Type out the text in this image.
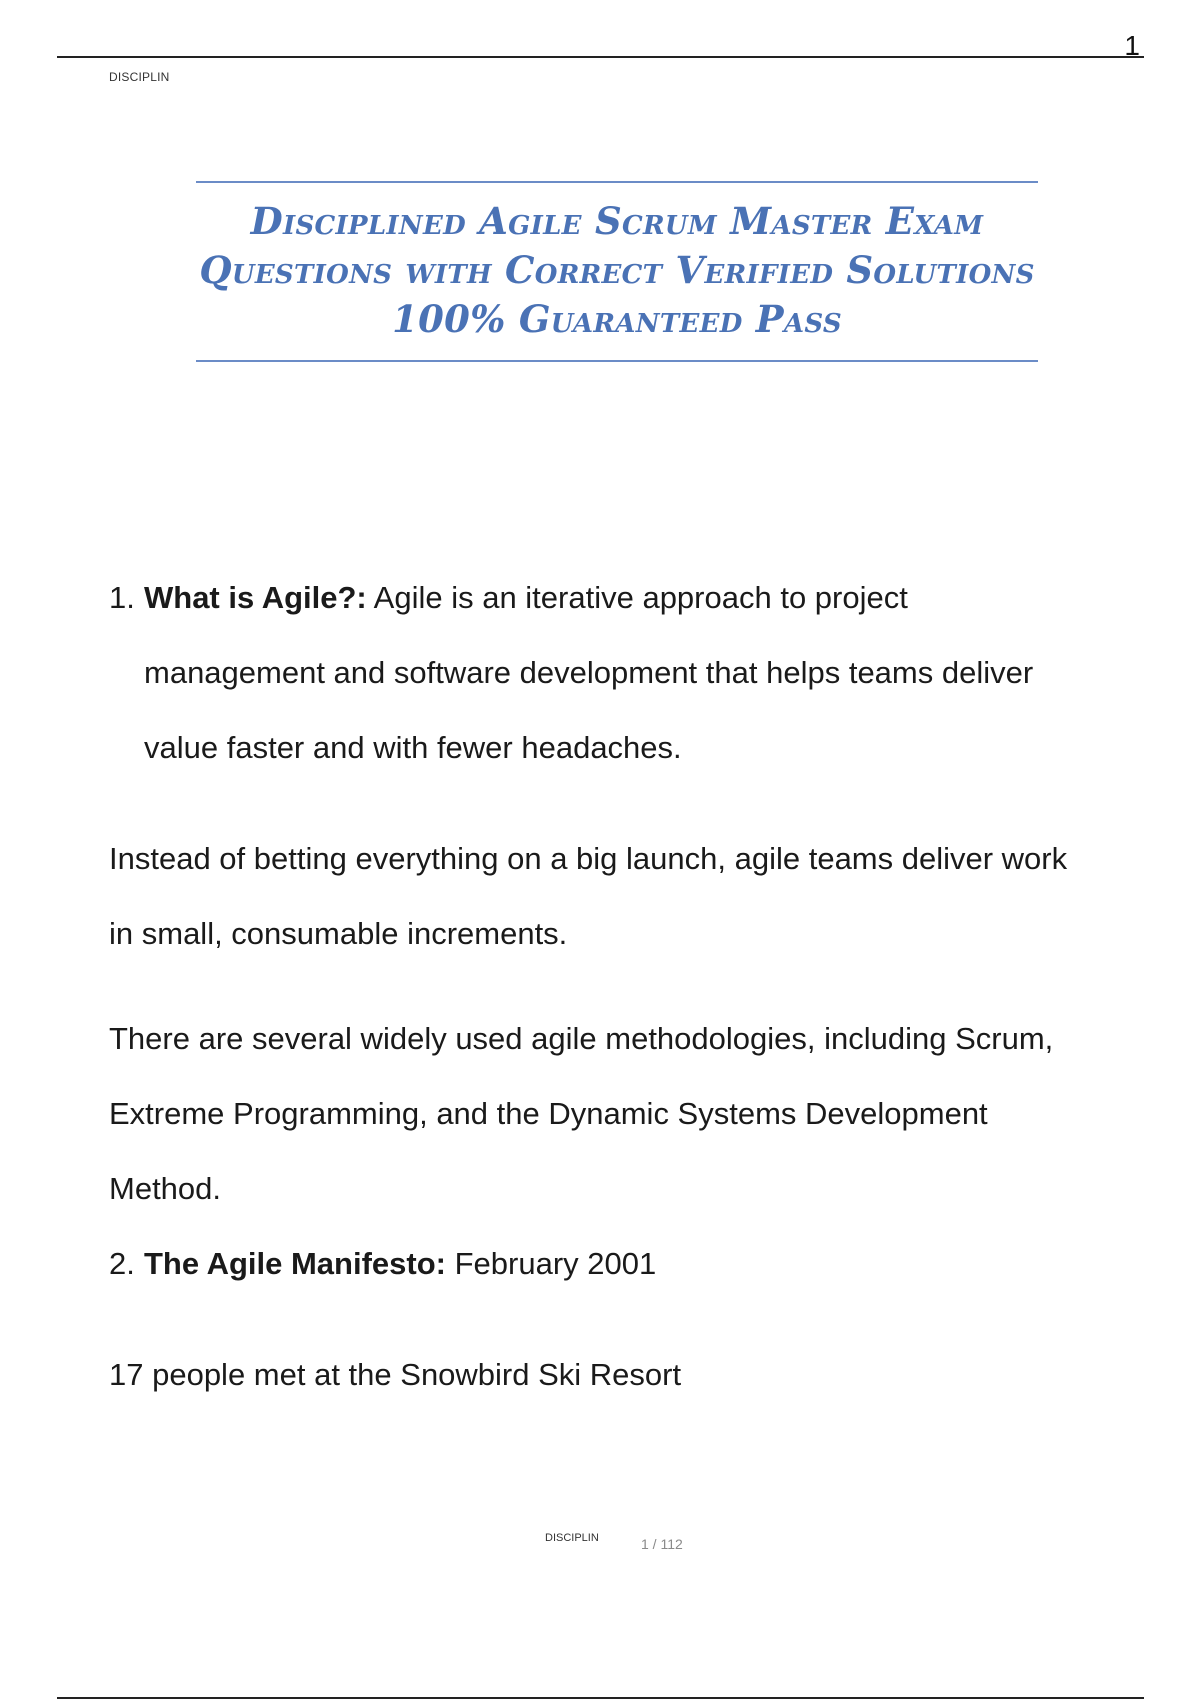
1
DISCIPLIN
Disciplined Agile Scrum Master Exam
Questions with Correct Verified Solutions
100% Guaranteed Pass
1. What is Agile?: Agile is an iterative approach to project
management and software development that helps teams deliver
value faster and with fewer headaches.
Instead of betting everything on a big launch, agile teams deliver work
in small, consumable increments.
There are several widely used agile methodologies, including Scrum,
Extreme Programming, and the Dynamic Systems Development
Method.
2. The Agile Manifesto: February 2001
17 people met at the Snowbird Ski Resort
DISCIPLIN	1 / 112
